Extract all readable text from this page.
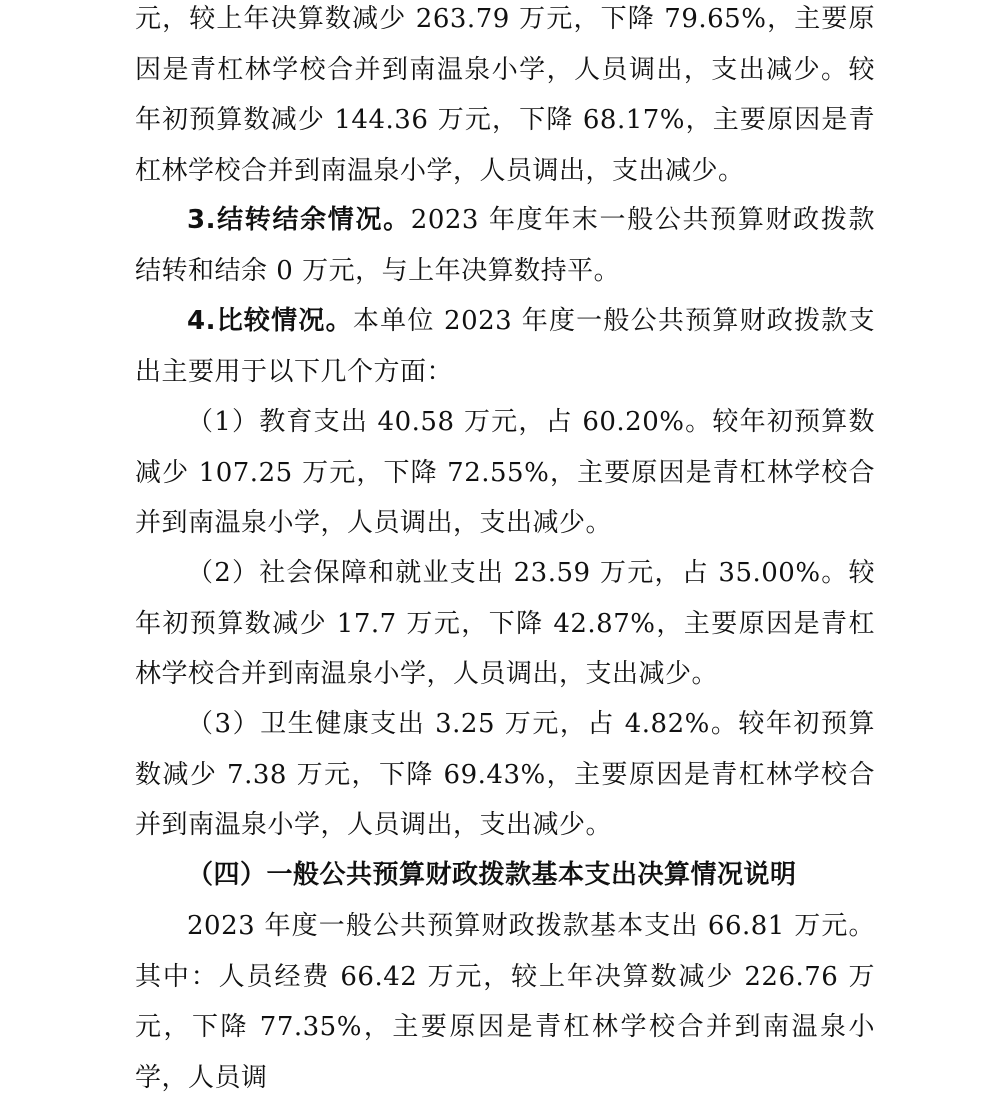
元，较上年决算数减少 263.79 万元，下降 79.65%，主要原因是青杠林学校合并到南温泉小学，人员调出，支出减少。较年初预算数减少 144.36 万元，下降 68.17%，主要原因是青杠林学校合并到南温泉小学，人员调出，支出减少。

3.结转结余情况。2023 年度年末一般公共预算财政拨款结转和结余 0 万元，与上年决算数持平。

4.比较情况。本单位 2023 年度一般公共预算财政拨款支出主要用于以下几个方面：

（1）教育支出 40.58 万元，占 60.20%。较年初预算数减少 107.25 万元，下降 72.55%，主要原因是青杠林学校合并到南温泉小学，人员调出，支出减少。

（2）社会保障和就业支出 23.59 万元，占 35.00%。较年初预算数减少 17.7 万元，下降 42.87%，主要原因是青杠林学校合并到南温泉小学，人员调出，支出减少。

（3）卫生健康支出 3.25 万元，占 4.82%。较年初预算数减少 7.38 万元，下降 69.43%，主要原因是青杠林学校合并到南温泉小学，人员调出，支出减少。

（四）一般公共预算财政拨款基本支出决算情况说明

2023 年度一般公共预算财政拨款基本支出 66.81 万元。其中：人员经费 66.42 万元，较上年决算数减少 226.76 万元，下降 77.35%，主要原因是青杠林学校合并到南温泉小学，人员调
